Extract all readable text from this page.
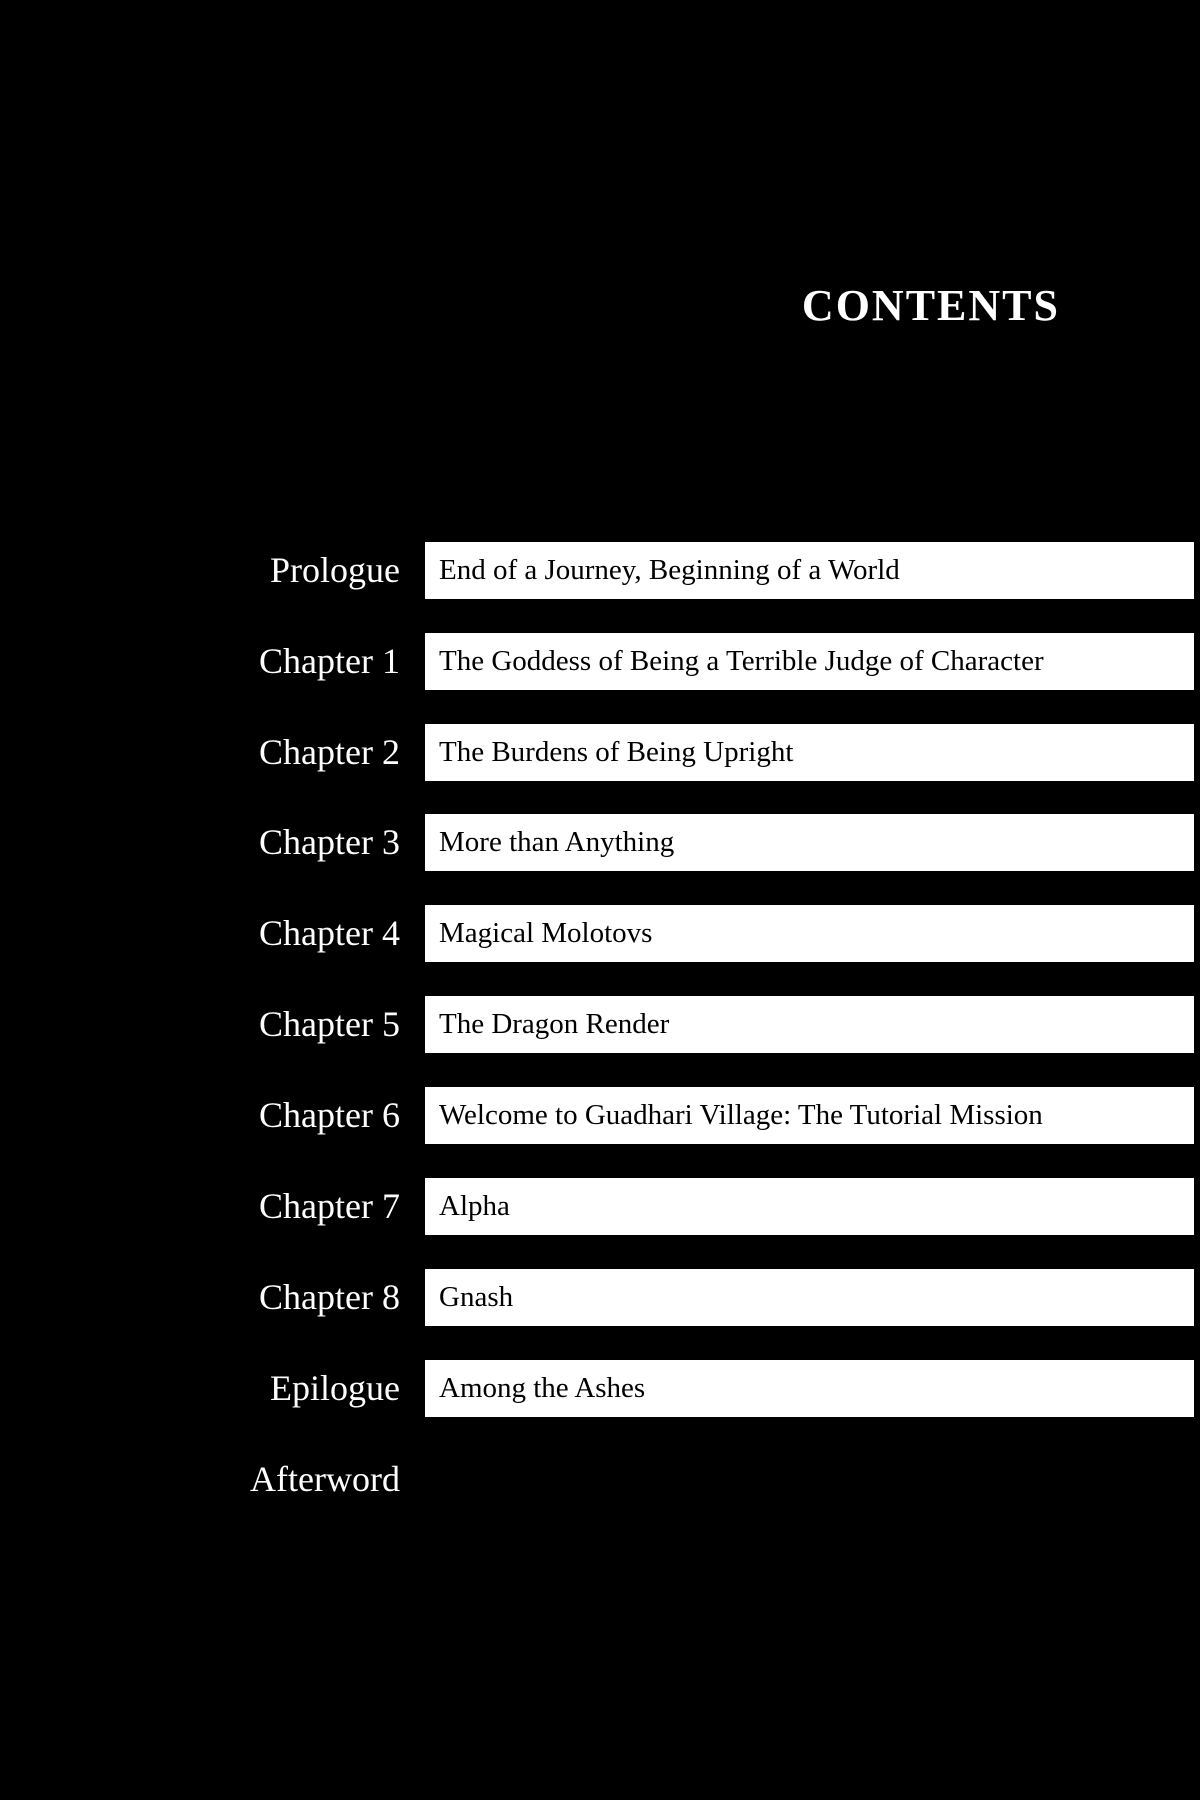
CONTENTS
Prologue End of a Journey, Beginning of a World
Chapter 1 The Goddess of Being a Terrible Judge of Character
Chapter 2 The Burdens of Being Upright
Chapter 3 More than Anything
Chapter 4 Magical Molotovs
Chapter 5 The Dragon Render
Chapter 6 Welcome to Guadhari Village: The Tutorial Mission
Chapter 7 Alpha
Chapter 8 Gnash
Epilogue Among the Ashes
Afterword
